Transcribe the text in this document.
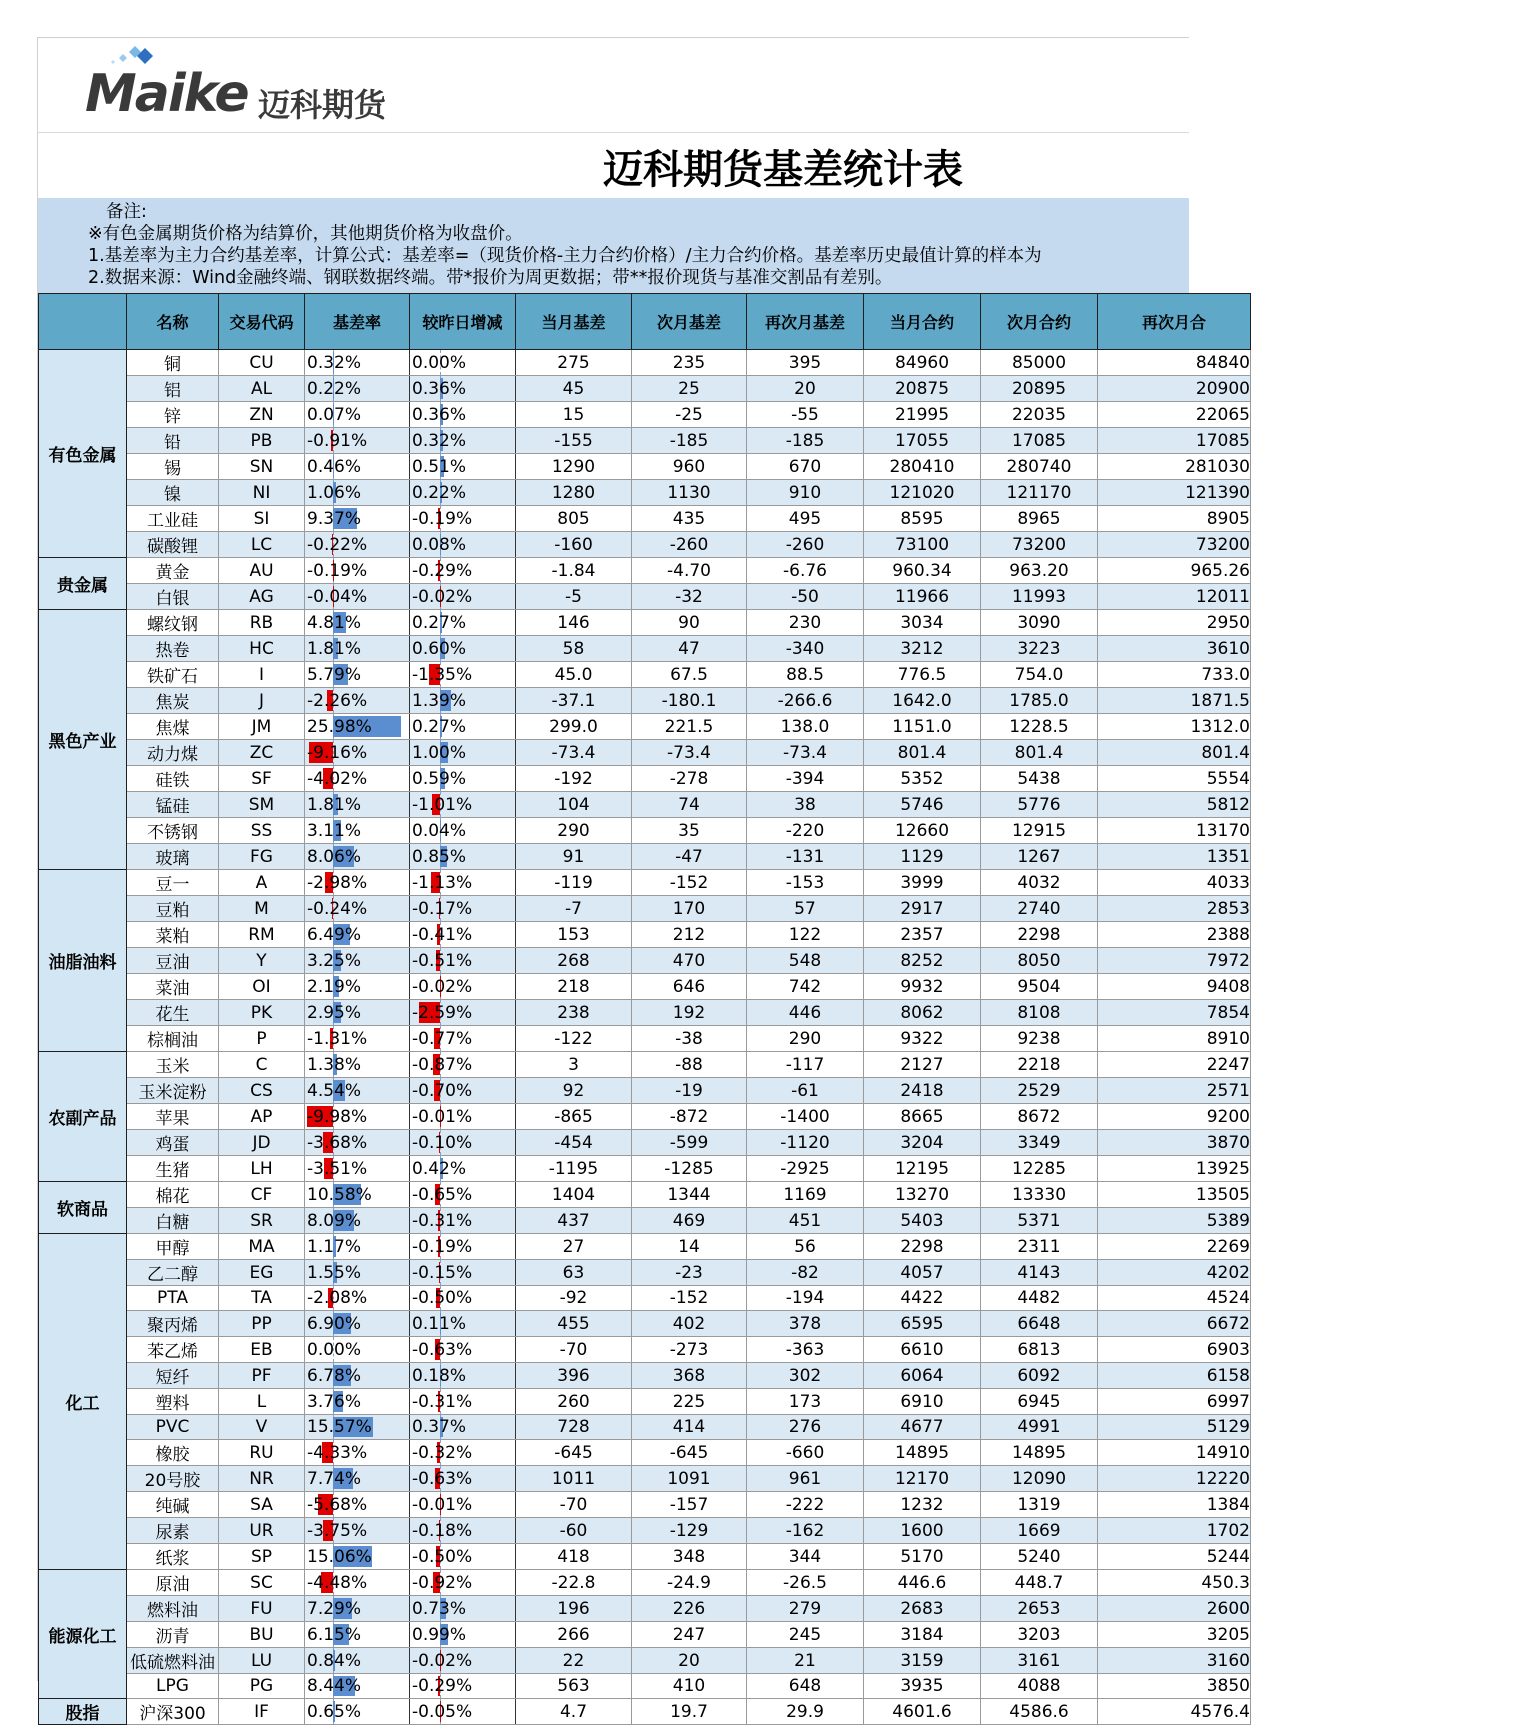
Maike 迈科期货
迈科期货基差统计表
备注:
※有色金属期货价格为结算价，其他期货价格为收盘价。
1.基差率为主力合约基差率，计算公式：基差率=（现货价格-主力合约价格）/主力合约价格。基差率历史最值计算的样本为
2.数据来源：Wind金融终端、钢联数据终端。带*报价为周更数据；带**报价现货与基准交割品有差别。
	名称	交易代码	基差率	较昨日增减	当月基差	次月基差	再次月基差	当月合约	次月合约	再次月合
有色金属	铜	CU	0.32%	0.00%	275	235	395	84960	85000	84840
	铝	AL	0.22%	0.36%	45	25	20	20875	20895	20900
	锌	ZN	0.07%	0.36%	15	-25	-55	21995	22035	22065
	铅	PB	-0.91%	0.32%	-155	-185	-185	17055	17085	17085
	锡	SN	0.46%	0.51%	1290	960	670	280410	280740	281030
	镍	NI	1.06%	0.22%	1280	1130	910	121020	121170	121390
	工业硅	SI	9.37%	-0.19%	805	435	495	8595	8965	8905
	碳酸锂	LC	-0.22%	0.08%	-160	-260	-260	73100	73200	73200
贵金属	黄金	AU	-0.19%	-0.29%	-1.84	-4.70	-6.76	960.34	963.20	965.26
	白银	AG	-0.04%	-0.02%	-5	-32	-50	11966	11993	12011
黑色产业	螺纹钢	RB	4.81%	0.27%	146	90	230	3034	3090	2950
	热卷	HC	1.81%	0.60%	58	47	-340	3212	3223	3610
	铁矿石	I	5.79%	-1.35%	45.0	67.5	88.5	776.5	754.0	733.0
	焦炭	J	-2.26%	1.39%	-37.1	-180.1	-266.6	1642.0	1785.0	1871.5
	焦煤	JM	25.98%	0.27%	299.0	221.5	138.0	1151.0	1228.5	1312.0
	动力煤	ZC	-9.16%	1.00%	-73.4	-73.4	-73.4	801.4	801.4	801.4
	硅铁	SF	-4.02%	0.59%	-192	-278	-394	5352	5438	5554
	锰硅	SM	1.81%	-1.01%	104	74	38	5746	5776	5812
	不锈钢	SS	3.11%	0.04%	290	35	-220	12660	12915	13170
	玻璃	FG	8.06%	0.85%	91	-47	-131	1129	1267	1351
油脂油料	豆一	A	-2.98%	-1.13%	-119	-152	-153	3999	4032	4033
	豆粕	M	-0.24%	-0.17%	-7	170	57	2917	2740	2853
	菜粕	RM	6.49%	-0.41%	153	212	122	2357	2298	2388
	豆油	Y	3.25%	-0.51%	268	470	548	8252	8050	7972
	菜油	OI	2.19%	-0.02%	218	646	742	9932	9504	9408
	花生	PK	2.95%	-2.59%	238	192	446	8062	8108	7854
	棕榈油	P	-1.31%	-0.77%	-122	-38	290	9322	9238	8910
农副产品	玉米	C	1.38%	-0.87%	3	-88	-117	2127	2218	2247
	玉米淀粉	CS	4.54%	-0.70%	92	-19	-61	2418	2529	2571
	苹果	AP	-9.98%	-0.01%	-865	-872	-1400	8665	8672	9200
	鸡蛋	JD	-3.68%	-0.10%	-454	-599	-1120	3204	3349	3870
	生猪	LH	-3.51%	0.42%	-1195	-1285	-2925	12195	12285	13925
软商品	棉花	CF	10.58%	-0.65%	1404	1344	1169	13270	13330	13505
	白糖	SR	8.09%	-0.31%	437	469	451	5403	5371	5389
化工	甲醇	MA	1.17%	-0.19%	27	14	56	2298	2311	2269
	乙二醇	EG	1.55%	-0.15%	63	-23	-82	4057	4143	4202
	PTA	TA	-2.08%	-0.50%	-92	-152	-194	4422	4482	4524
	聚丙烯	PP	6.90%	0.11%	455	402	378	6595	6648	6672
	苯乙烯	EB	0.00%	-0.63%	-70	-273	-363	6610	6813	6903
	短纤	PF	6.78%	0.18%	396	368	302	6064	6092	6158
	塑料	L	3.76%	-0.31%	260	225	173	6910	6945	6997
	PVC	V	15.57%	0.37%	728	414	276	4677	4991	5129
	橡胶	RU	-4.33%	-0.32%	-645	-645	-660	14895	14895	14910
	20号胶	NR	7.74%	-0.63%	1011	1091	961	12170	12090	12220
	纯碱	SA	-5.68%	-0.01%	-70	-157	-222	1232	1319	1384
	尿素	UR	-3.75%	-0.18%	-60	-129	-162	1600	1669	1702
	纸浆	SP	15.06%	-0.50%	418	348	344	5170	5240	5244
能源化工	原油	SC	-4.48%	-0.92%	-22.8	-24.9	-26.5	446.6	448.7	450.3
	燃料油	FU	7.29%	0.73%	196	226	279	2683	2653	2600
	沥青	BU	6.15%	0.99%	266	247	245	3184	3203	3205
	低硫燃料油	LU	0.84%	-0.02%	22	20	21	3159	3161	3160
	LPG	PG	8.44%	-0.29%	563	410	648	3935	4088	3850
股指	沪深300	IF	0.65%	-0.05%	4.7	19.7	29.9	4601.6	4586.6	4576.4
